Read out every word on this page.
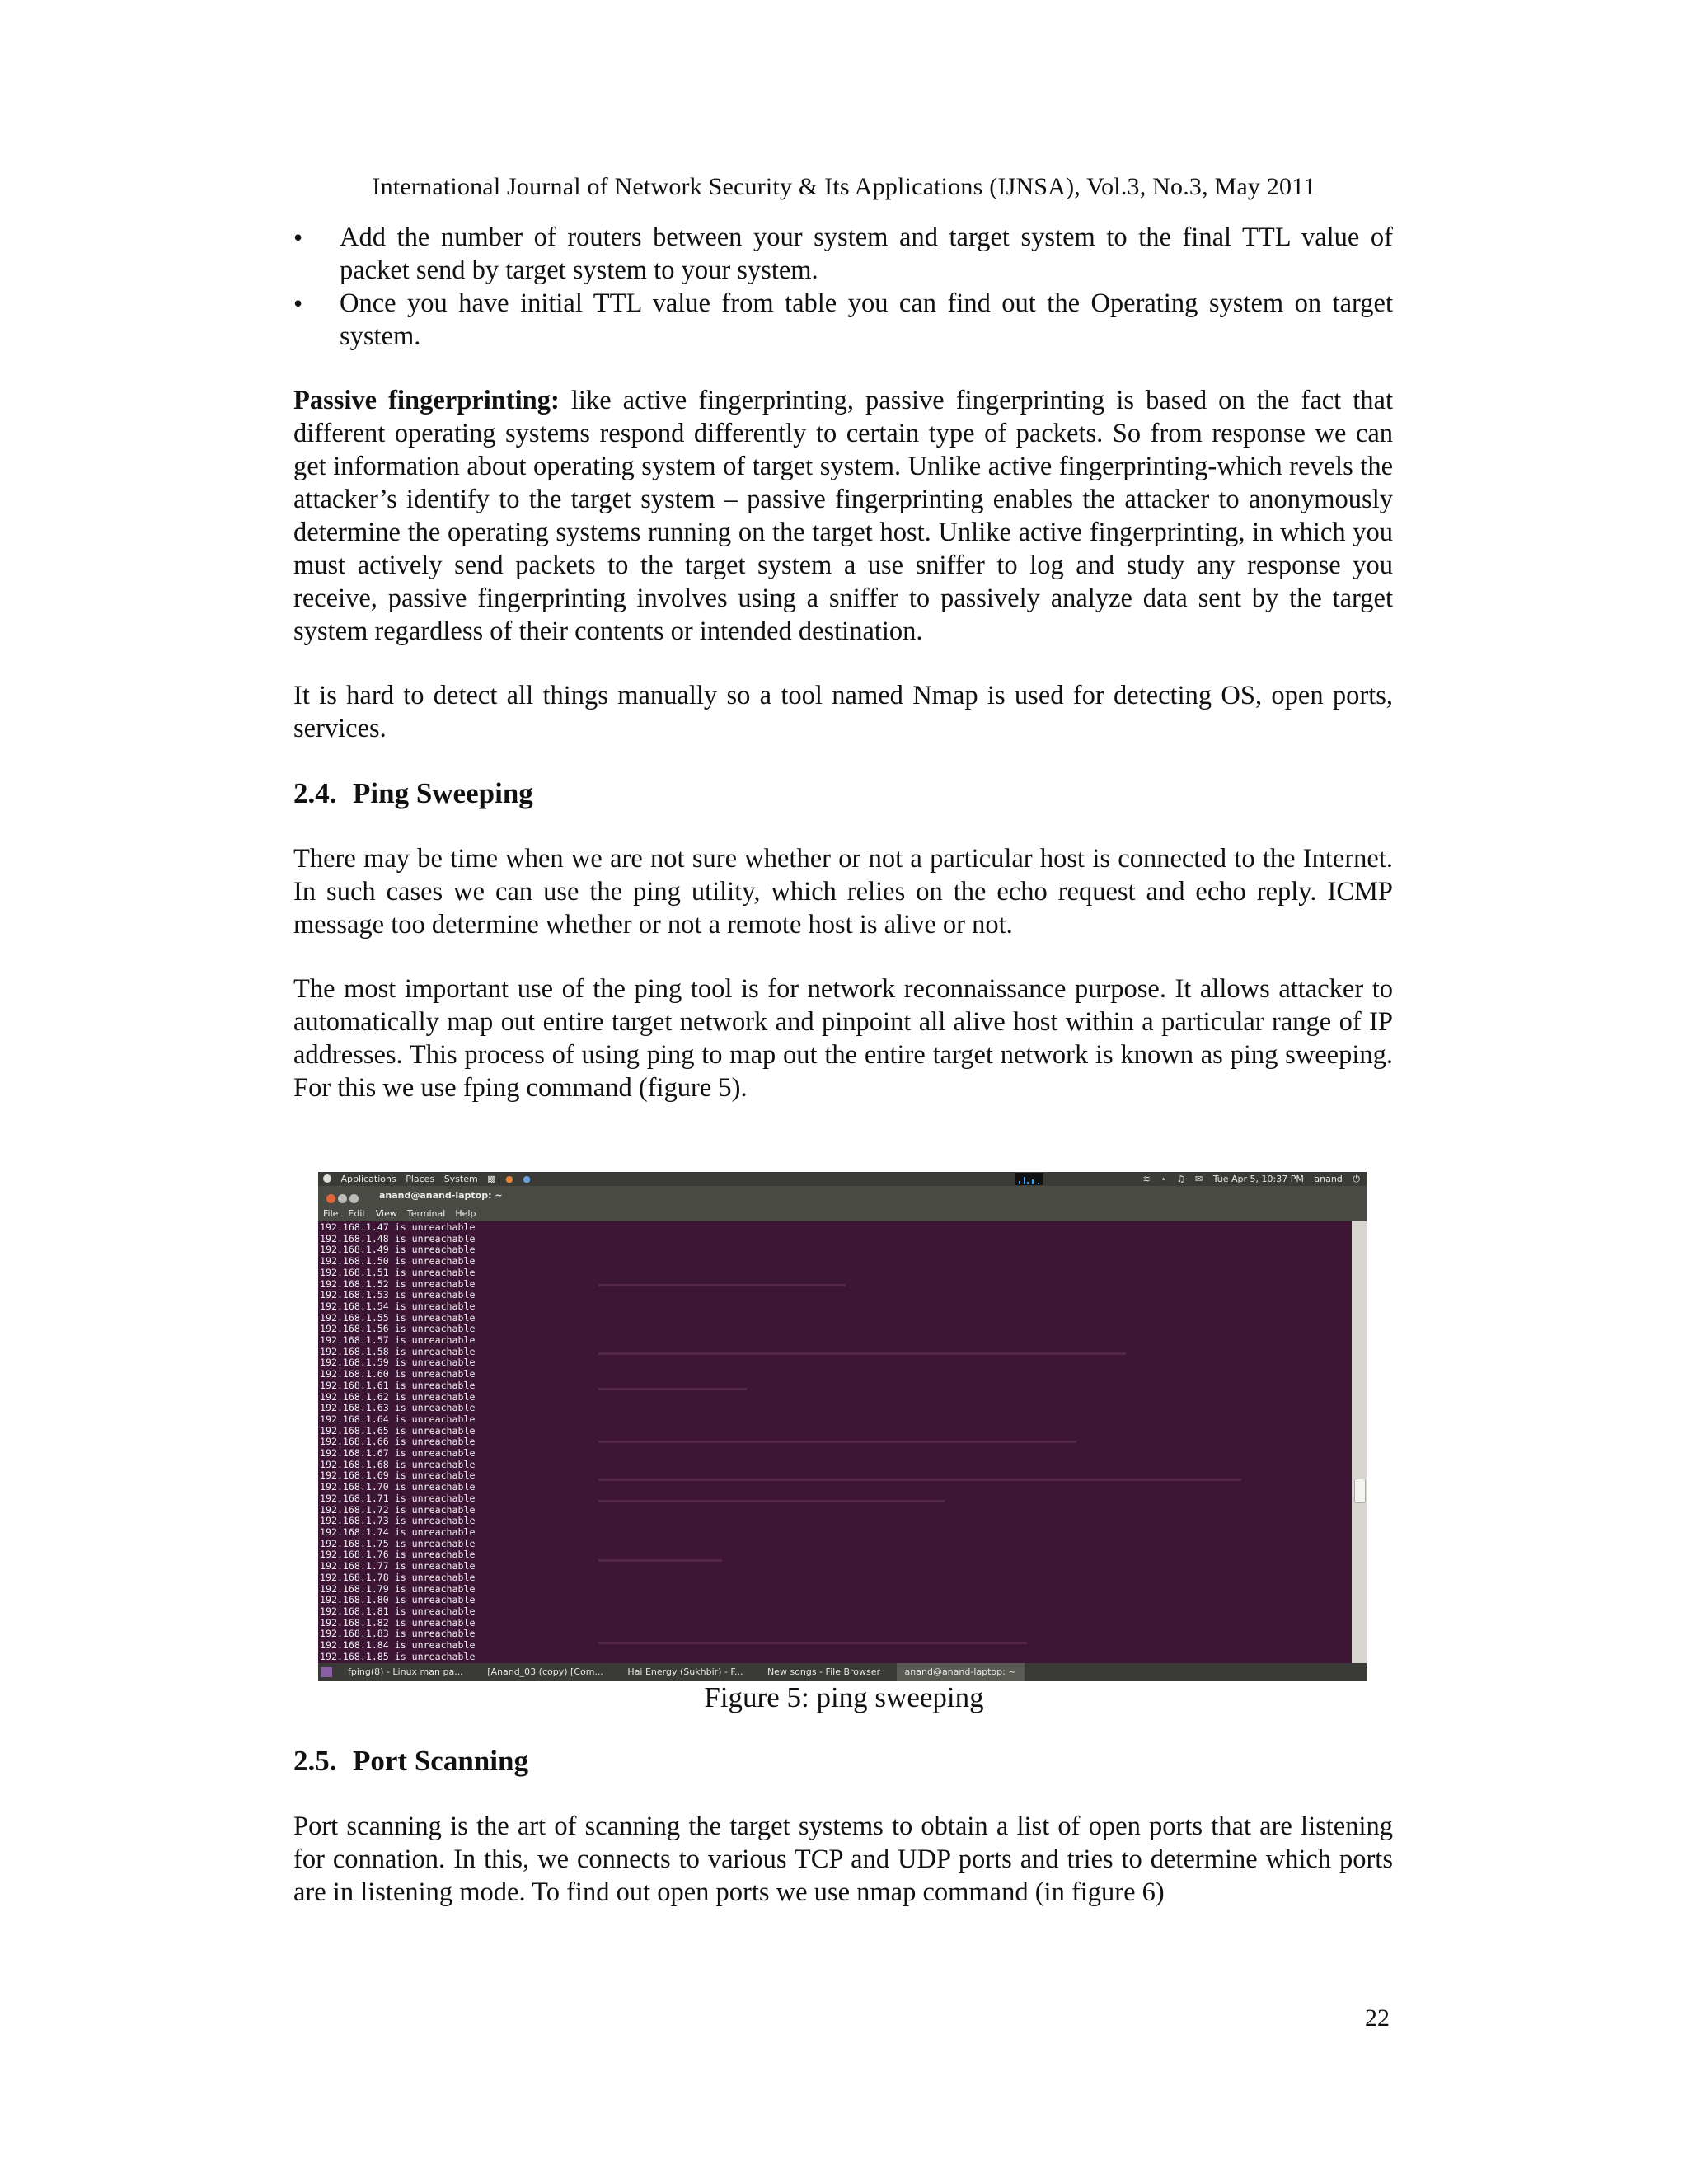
International Journal of Network Security & Its Applications (IJNSA), Vol.3, No.3, May 2011
• Add the number of routers between your system and target system to the final TTL value of packet send by target system to your system.
• Once you have initial TTL value from table you can find out the Operating system on target system.

Passive fingerprinting: like active fingerprinting, passive fingerprinting is based on the fact that different operating systems respond differently to certain type of packets. So from response we can get information about operating system of target system. Unlike active fingerprinting-which revels the attacker’s identify to the target system – passive fingerprinting enables the attacker to anonymously determine the operating systems running on the target host. Unlike active fingerprinting, in which you must actively send packets to the target system a use sniffer to log and study any response you receive, passive fingerprinting involves using a sniffer to passively analyze data sent by the target system regardless of their contents or intended destination.

It is hard to detect all things manually so a tool named Nmap is used for detecting OS, open ports, services.

2.4. Ping Sweeping

There may be time when we are not sure whether or not a particular host is connected to the Internet. In such cases we can use the ping utility, which relies on the echo request and echo reply. ICMP message too determine whether or not a remote host is alive or not.

The most important use of the ping tool is for network reconnaissance purpose. It allows attacker to automatically map out entire target network and pinpoint all alive host within a particular range of IP addresses. This process of using ping to map out the entire target network is known as ping sweeping. For this we use fping command (figure 5).

Applications Places System ▩ ● ●	≋ ⋆ ♫ ✉ Tue Apr 5, 10:37 PM anand ⏻
anand@anand-laptop: ~
File Edit View Terminal Help
192.168.1.47 is unreachable
192.168.1.48 is unreachable
192.168.1.49 is unreachable
192.168.1.50 is unreachable
192.168.1.51 is unreachable
192.168.1.52 is unreachable
192.168.1.53 is unreachable
192.168.1.54 is unreachable
192.168.1.55 is unreachable
192.168.1.56 is unreachable
192.168.1.57 is unreachable
192.168.1.58 is unreachable
192.168.1.59 is unreachable
192.168.1.60 is unreachable
192.168.1.61 is unreachable
192.168.1.62 is unreachable
192.168.1.63 is unreachable
192.168.1.64 is unreachable
192.168.1.65 is unreachable
192.168.1.66 is unreachable
192.168.1.67 is unreachable
192.168.1.68 is unreachable
192.168.1.69 is unreachable
192.168.1.70 is unreachable
192.168.1.71 is unreachable
192.168.1.72 is unreachable
192.168.1.73 is unreachable
192.168.1.74 is unreachable
192.168.1.75 is unreachable
192.168.1.76 is unreachable
192.168.1.77 is unreachable
192.168.1.78 is unreachable
192.168.1.79 is unreachable
192.168.1.80 is unreachable
192.168.1.81 is unreachable
192.168.1.82 is unreachable
192.168.1.83 is unreachable
192.168.1.84 is unreachable
192.168.1.85 is unreachable
fping(8) - Linux man pa...	[Anand_03 (copy) [Com...	Hai Energy (Sukhbir) - F...	New songs - File Browser	anand@anand-laptop: ~
Figure 5: ping sweeping
2.5. Port Scanning

Port scanning is the art of scanning the target systems to obtain a list of open ports that are listening for connation. In this, we connects to various TCP and UDP ports and tries to determine which ports are in listening mode. To find out open ports we use nmap command (in figure 6)

22
